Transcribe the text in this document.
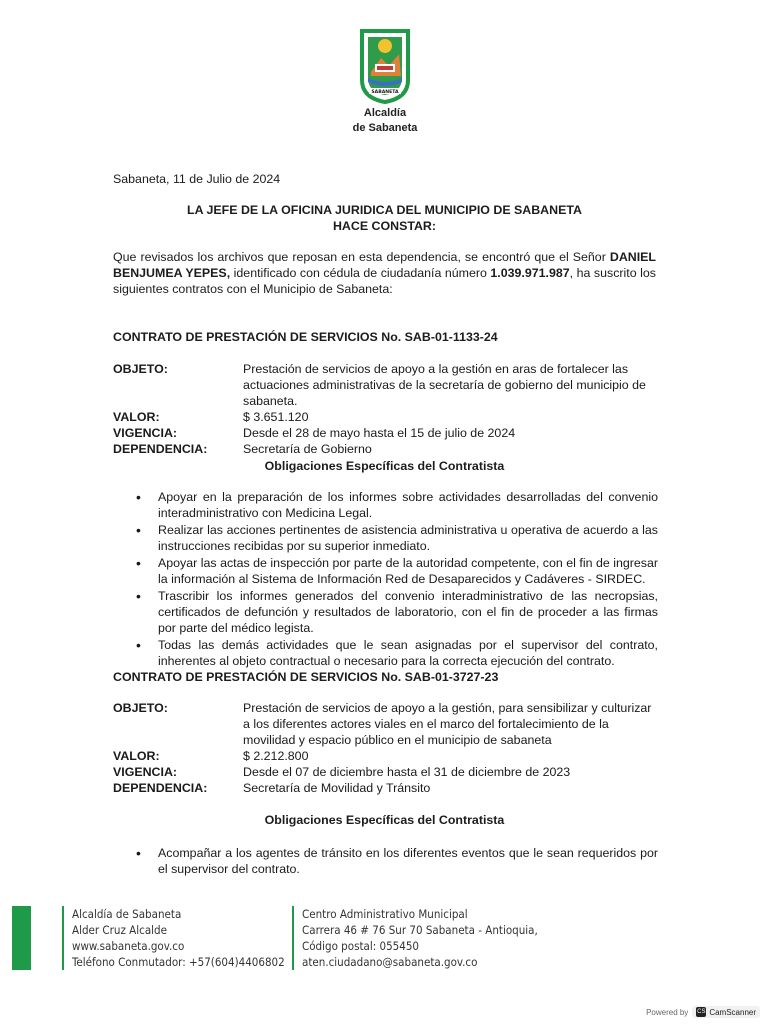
SABANETA
Alcaldía
de Sabaneta
Sabaneta, 11 de Julio de 2024
LA JEFE DE LA OFICINA JURIDICA DEL MUNICIPIO DE SABANETA
HACE CONSTAR:
Que revisados los archivos que reposan en esta dependencia, se encontró que el Señor DANIEL BENJUMEA YEPES, identificado con cédula de ciudadanía número 1.039.971.987, ha suscrito los siguientes contratos con el Municipio de Sabaneta:
CONTRATO DE PRESTACIÓN DE SERVICIOS No. SAB-01-1133-24
OBJETO:	Prestación de servicios de apoyo a la gestión en aras de fortalecer las actuaciones administrativas de la secretaría de gobierno del municipio de sabaneta.
VALOR:	$ 3.651.120
VIGENCIA:	Desde el 28 de mayo hasta el 15 de julio de 2024
DEPENDENCIA:	Secretaría de Gobierno
Obligaciones Específicas del Contratista
• Apoyar en la preparación de los informes sobre actividades desarrolladas del convenio interadministrativo con Medicina Legal.
• Realizar las acciones pertinentes de asistencia administrativa u operativa de acuerdo a las instrucciones recibidas por su superior inmediato.
• Apoyar las actas de inspección por parte de la autoridad competente, con el fin de ingresar la información al Sistema de Información Red de Desaparecidos y Cadáveres - SIRDEC.
• Trascribir los informes generados del convenio interadministrativo de las necropsias, certificados de defunción y resultados de laboratorio, con el fin de proceder a las firmas por parte del médico legista.
• Todas las demás actividades que le sean asignadas por el supervisor del contrato, inherentes al objeto contractual o necesario para la correcta ejecución del contrato.
CONTRATO DE PRESTACIÓN DE SERVICIOS No. SAB-01-3727-23
OBJETO:	Prestación de servicios de apoyo a la gestión, para sensibilizar y culturizar a los diferentes actores viales en el marco del fortalecimiento de la movilidad y espacio público en el municipio de sabaneta
VALOR:	$ 2.212.800
VIGENCIA:	Desde el 07 de diciembre hasta el 31 de diciembre de 2023
DEPENDENCIA:	Secretaría de Movilidad y Tránsito
Obligaciones Específicas del Contratista
• Acompañar a los agentes de tránsito en los diferentes eventos que le sean requeridos por el supervisor del contrato.
Alcaldía de Sabaneta
Alder Cruz Alcalde
www.sabaneta.gov.co
Teléfono Conmutador: +57(604)4406802
Centro Administrativo Municipal
Carrera 46 # 76 Sur 70 Sabaneta - Antioquia,
Código postal: 055450
aten.ciudadano@sabaneta.gov.co
Powered by CS CamScanner
